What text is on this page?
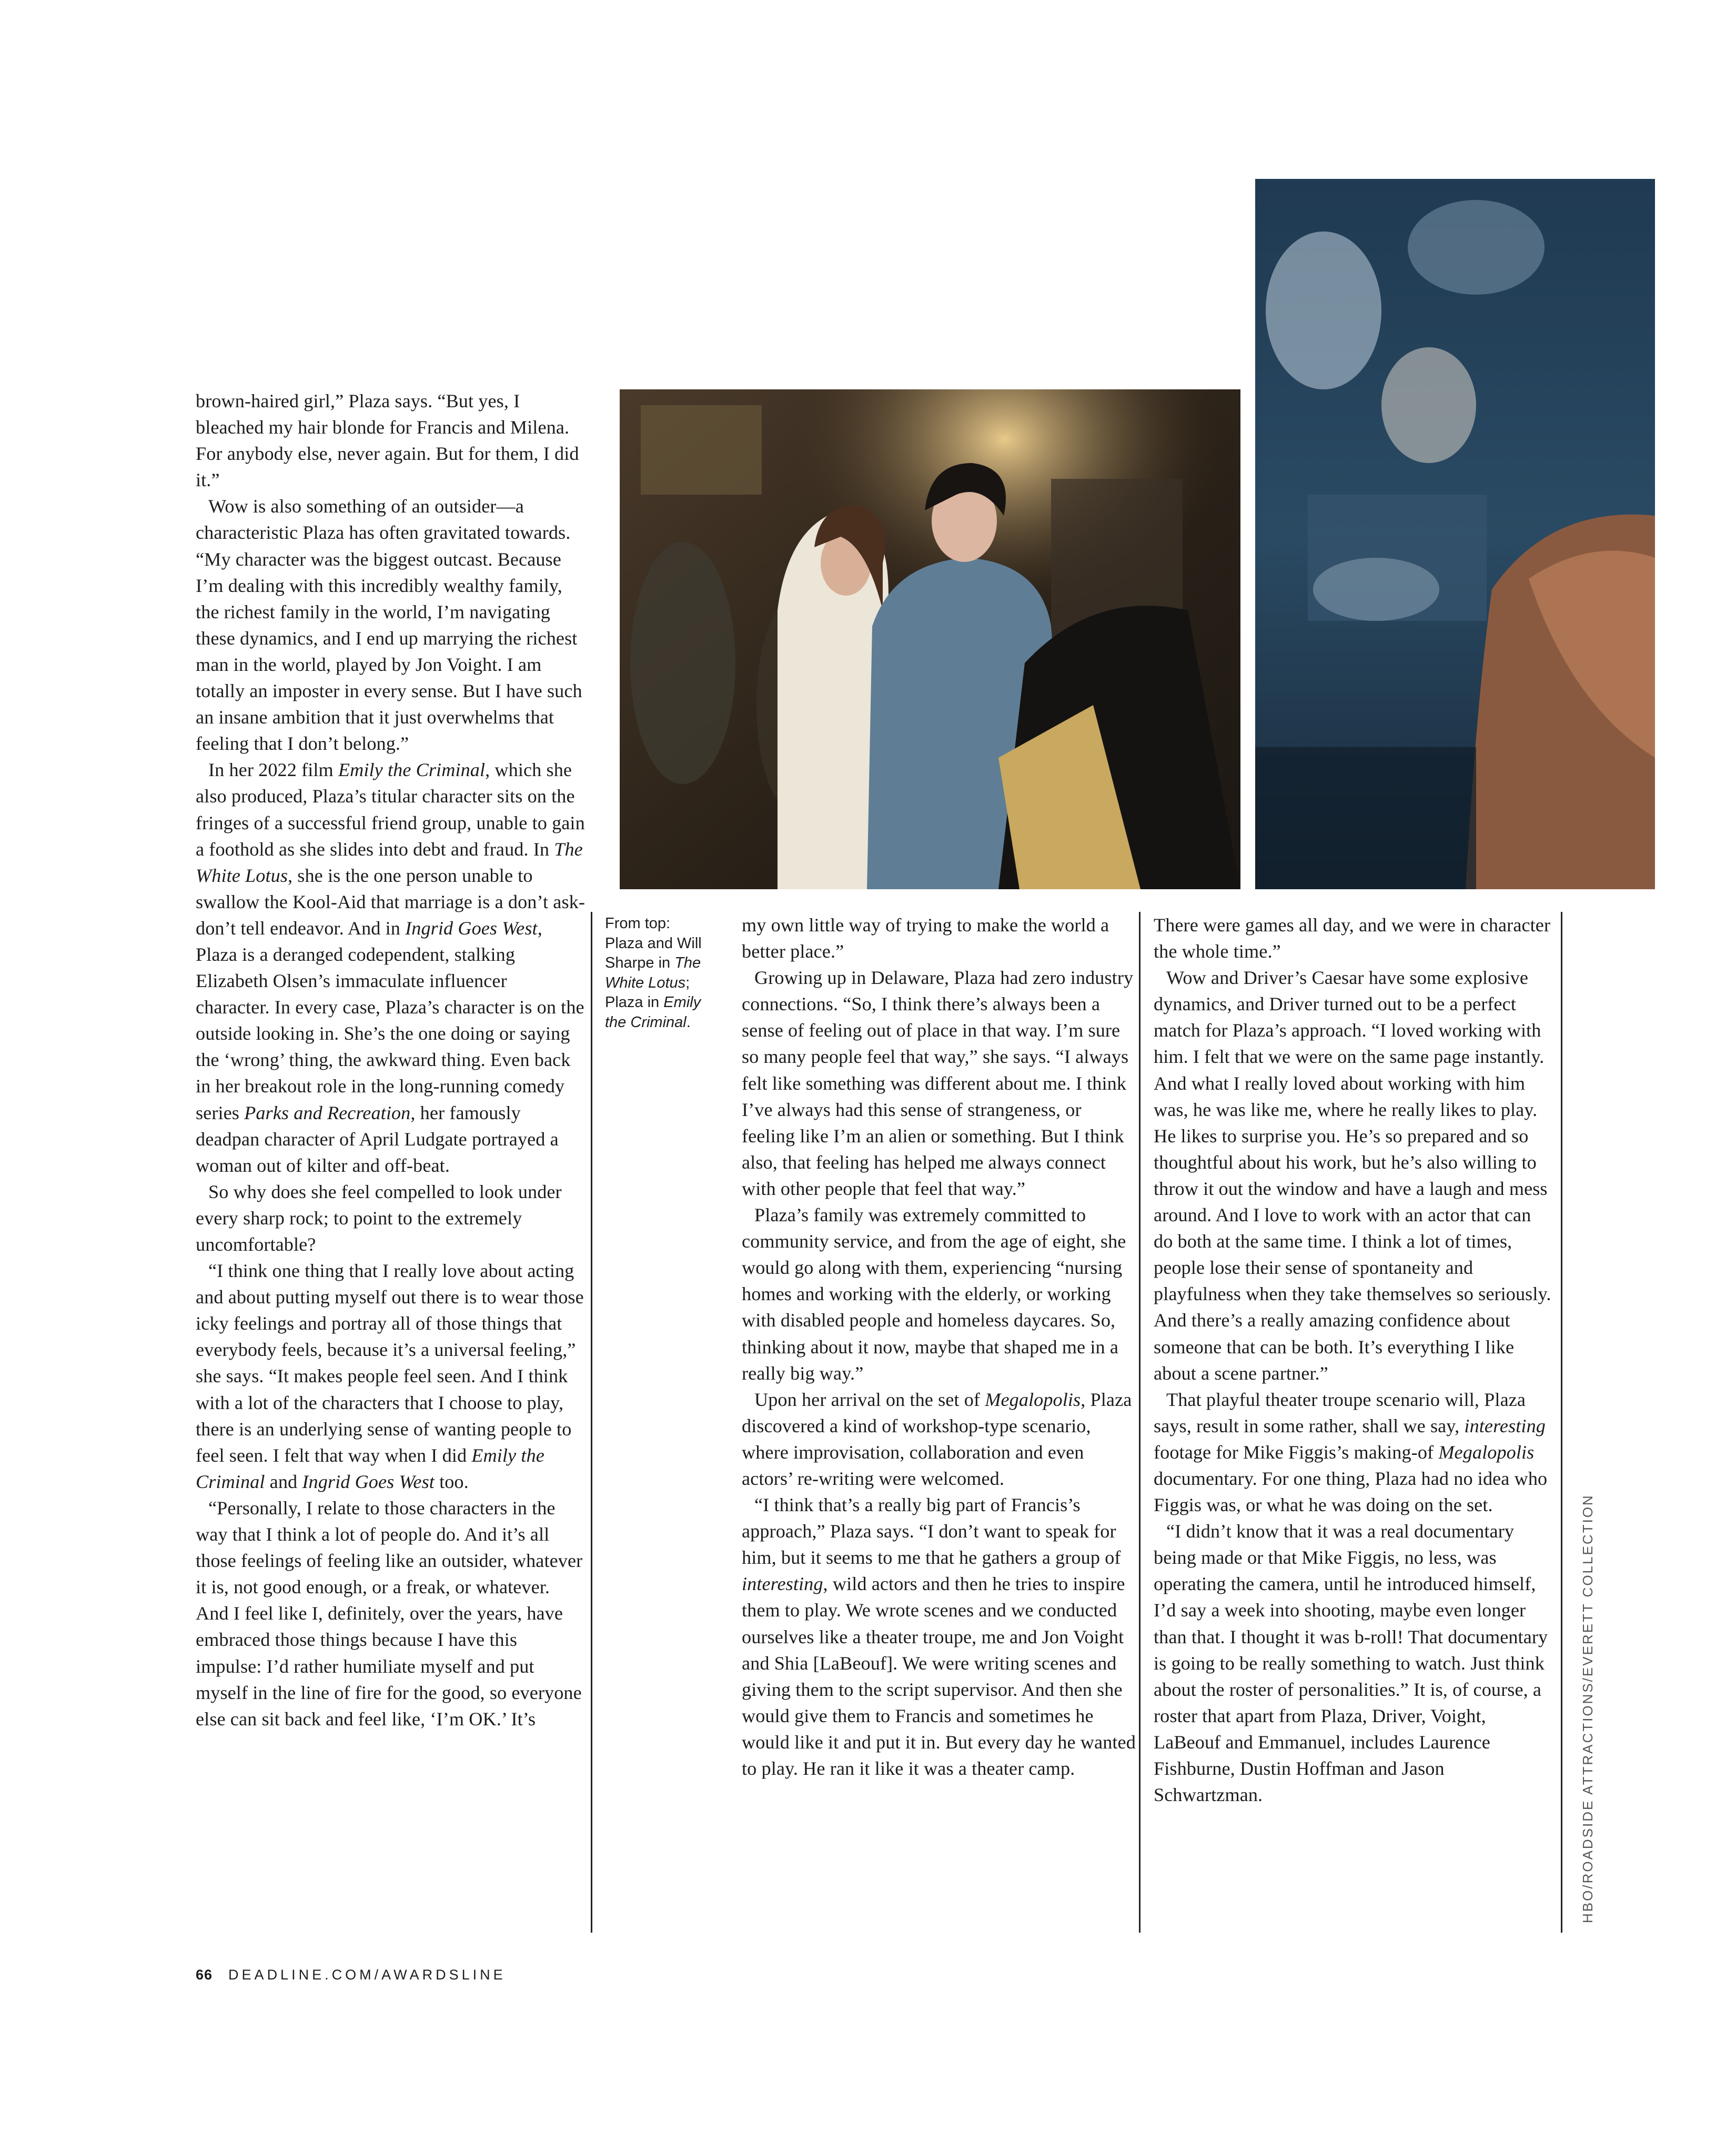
From top: Plaza and Will Sharpe in The White Lotus; Plaza in Emily the Criminal.

brown-haired girl,” Plaza says. “But yes, I bleached my hair blonde for Francis and Milena. For anybody else, never again. But for them, I did it.”

Wow is also something of an outsider—a characteristic Plaza has often gravitated towards. “My character was the biggest outcast. Because I’m dealing with this incredibly wealthy family, the richest family in the world, I’m navigating these dynamics, and I end up marrying the richest man in the world, played by Jon Voight. I am totally an imposter in every sense. But I have such an insane ambition that it just overwhelms that feeling that I don’t belong.”

In her 2022 film Emily the Criminal, which she also produced, Plaza’s titular character sits on the fringes of a successful friend group, unable to gain a foothold as she slides into debt and fraud. In The White Lotus, she is the one person unable to swallow the Kool-Aid that marriage is a don’t ask-don’t tell endeavor. And in Ingrid Goes West, Plaza is a deranged codependent, stalking Elizabeth Olsen’s immaculate influencer character. In every case, Plaza’s character is on the outside looking in. She’s the one doing or saying the ‘wrong’ thing, the awkward thing. Even back in her breakout role in the long-running comedy series Parks and Recreation, her famously deadpan character of April Ludgate portrayed a woman out of kilter and off-beat.

So why does she feel compelled to look under every sharp rock; to point to the extremely uncomfortable?

“I think one thing that I really love about acting and about putting myself out there is to wear those icky feelings and portray all of those things that everybody feels, because it’s a universal feeling,” she says. “It makes people feel seen. And I think with a lot of the characters that I choose to play, there is an underlying sense of wanting people to feel seen. I felt that way when I did Emily the Criminal and Ingrid Goes West too.

“Personally, I relate to those characters in the way that I think a lot of people do. And it’s all those feelings of feeling like an outsider, whatever it is, not good enough, or a freak, or whatever. And I feel like I, definitely, over the years, have embraced those things because I have this impulse: I’d rather humiliate myself and put myself in the line of fire for the good, so everyone else can sit back and feel like, ‘I’m OK.’ It’s

my own little way of trying to make the world a better place.”

Growing up in Delaware, Plaza had zero industry connections. “So, I think there’s always been a sense of feeling out of place in that way. I’m sure so many people feel that way,” she says. “I always felt like something was different about me. I think I’ve always had this sense of strangeness, or feeling like I’m an alien or something. But I think also, that feeling has helped me always connect with other people that feel that way.”

Plaza’s family was extremely committed to community service, and from the age of eight, she would go along with them, experiencing “nursing homes and working with the elderly, or working with disabled people and homeless daycares. So, thinking about it now, maybe that shaped me in a really big way.”

Upon her arrival on the set of Megalopolis, Plaza discovered a kind of workshop-type scenario, where improvisation, collaboration and even actors’ re-writing were welcomed.

“I think that’s a really big part of Francis’s approach,” Plaza says. “I don’t want to speak for him, but it seems to me that he gathers a group of interesting, wild actors and then he tries to inspire them to play. We wrote scenes and we conducted ourselves like a theater troupe, me and Jon Voight and Shia [LaBeouf]. We were writing scenes and giving them to the script supervisor. And then she would give them to Francis and sometimes he would like it and put it in. But every day he wanted to play. He ran it like it was a theater camp.

There were games all day, and we were in character the whole time.”

Wow and Driver’s Caesar have some explosive dynamics, and Driver turned out to be a perfect match for Plaza’s approach. “I loved working with him. I felt that we were on the same page instantly. And what I really loved about working with him was, he was like me, where he really likes to play. He likes to surprise you. He’s so prepared and so thoughtful about his work, but he’s also willing to throw it out the window and have a laugh and mess around. And I love to work with an actor that can do both at the same time. I think a lot of times, people lose their sense of spontaneity and playfulness when they take themselves so seriously. And there’s a really amazing confidence about someone that can be both. It’s everything I like about a scene partner.”

That playful theater troupe scenario will, Plaza says, result in some rather, shall we say, interesting footage for Mike Figgis’s making-of Megalopolis documentary. For one thing, Plaza had no idea who Figgis was, or what he was doing on the set.

“I didn’t know that it was a real documentary being made or that Mike Figgis, no less, was operating the camera, until he introduced himself, I’d say a week into shooting, maybe even longer than that. I thought it was b-roll! That documentary is going to be really something to watch. Just think about the roster of personalities.” It is, of course, a roster that apart from Plaza, Driver, Voight, LaBeouf and Emmanuel, includes Laurence Fishburne, Dustin Hoffman and Jason Schwartzman.	HBO/ROADSIDE ATTRACTIONS/EVERETT COLLECTION
66 DEADLINE.COM/AWARDSLINE
